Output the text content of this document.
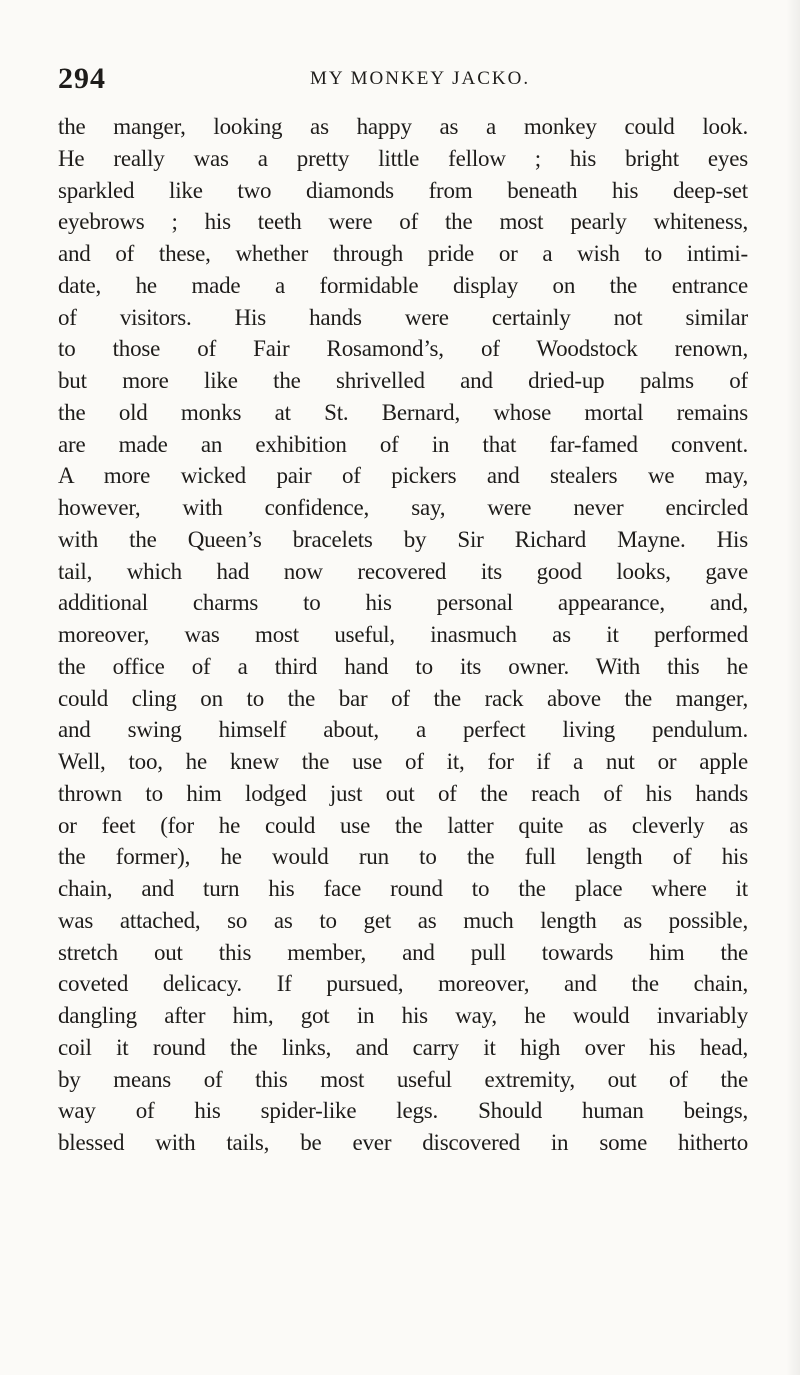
294	MY MONKEY JACKO.
the manger, looking as happy as a monkey could look.
He really was a pretty little fellow ; his bright eyes
sparkled like two diamonds from beneath his deep-set
eyebrows ; his teeth were of the most pearly whiteness,
and of these, whether through pride or a wish to intimi-
date, he made a formidable display on the entrance
of visitors. His hands were certainly not similar
to those of Fair Rosamond’s, of Woodstock renown,
but more like the shrivelled and dried-up palms of
the old monks at St. Bernard, whose mortal remains
are made an exhibition of in that far-famed convent.
A more wicked pair of pickers and stealers we may,
however, with confidence, say, were never encircled
with the Queen’s bracelets by Sir Richard Mayne. His
tail, which had now recovered its good looks, gave
additional charms to his personal appearance, and,
moreover, was most useful, inasmuch as it performed
the office of a third hand to its owner. With this he
could cling on to the bar of the rack above the manger,
and swing himself about, a perfect living pendulum.
Well, too, he knew the use of it, for if a nut or apple
thrown to him lodged just out of the reach of his hands
or feet (for he could use the latter quite as cleverly as
the former), he would run to the full length of his
chain, and turn his face round to the place where it
was attached, so as to get as much length as possible,
stretch out this member, and pull towards him the
coveted delicacy. If pursued, moreover, and the chain,
dangling after him, got in his way, he would invariably
coil it round the links, and carry it high over his head,
by means of this most useful extremity, out of the
way of his spider-like legs. Should human beings,
blessed with tails, be ever discovered in some hitherto
